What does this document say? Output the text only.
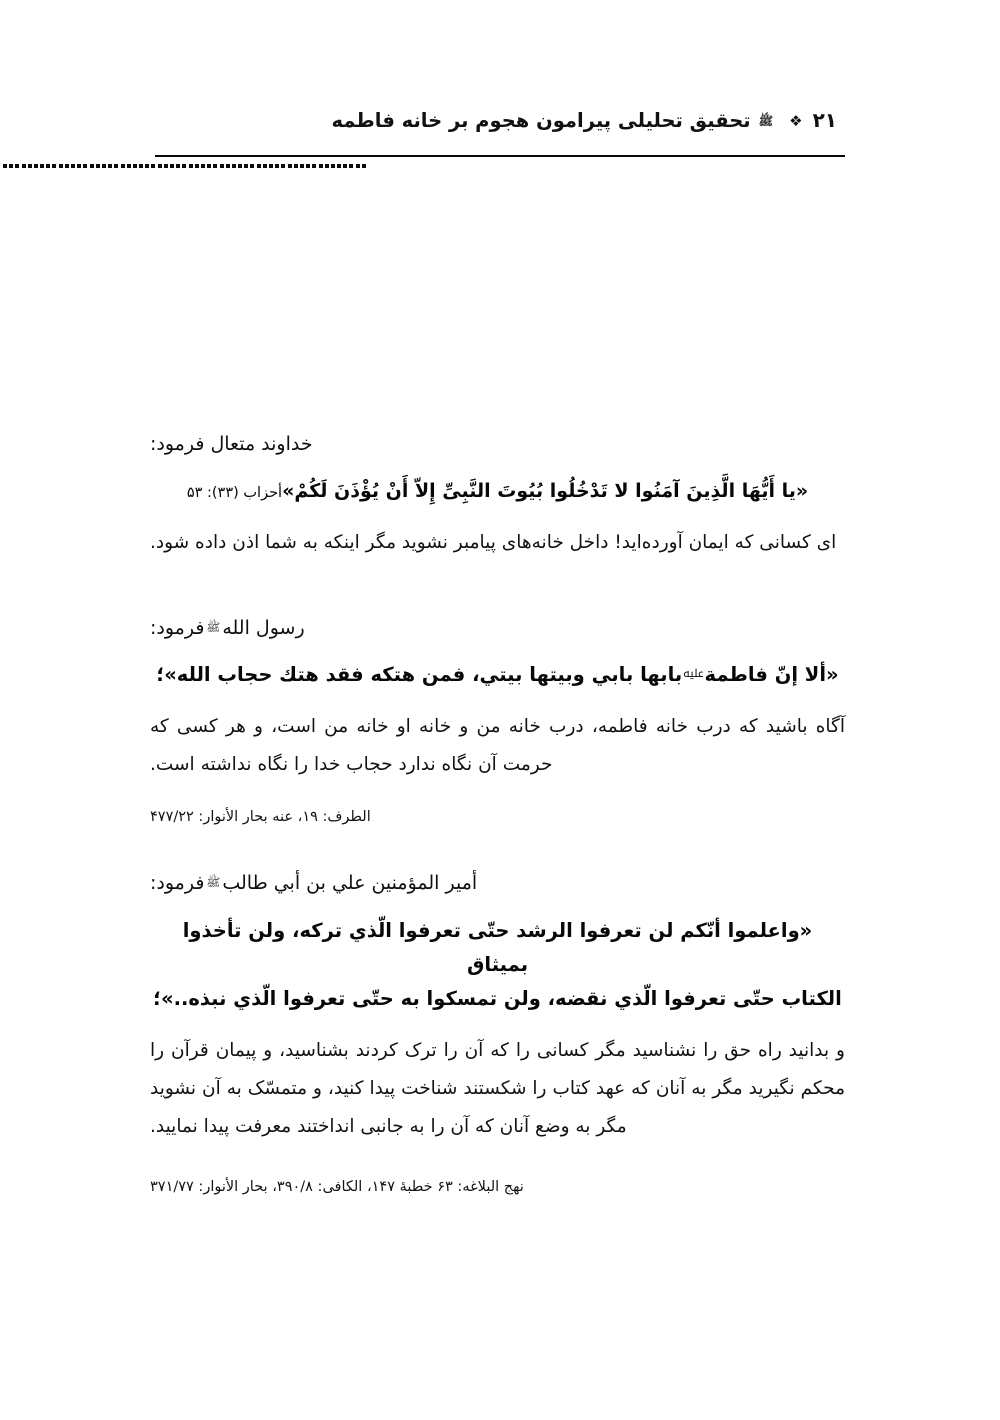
۲۱
❖
ﷺ
تحقیق تحلیلی پیرامون هجوم بر خانه فاطمه
خداوند متعال فرمود:
«یا أَیُّهَا الَّذِینَ آمَنُوا لا تَدْخُلُوا بُیُوتَ النَّبِیِّ إِلاّ أَنْ یُؤْذَنَ لَكُمْ»أحزاب (۳۳): ۵۳
ای کسانی که ایمان آورده‌اید! داخل خانه‌های پیامبر نشوید مگر اینکه به شما اذن داده شود.
رسول اللهﷺفرمود:
«ألا إنّ فاطمة$^ﷷ$بابها بابي وبیتها بیتي، فمن هتكه فقد هتك حجاب الله»؛
آگاه باشید که درب خانه فاطمه، درب خانه من و خانه او خانه من است، و هر کسی که حرمت آن نگاه ندارد حجاب خدا را نگاه نداشته است.
الطرف: ۱۹، عنه بحار الأنوار: ۴۷۷/۲۲
أمیر المؤمنین علي بن أبي طالبﷺفرمود:
«واعلموا أنّكم لن تعرفوا الرشد حتّى تعرفوا الّذي تركه، ولن تأخذوا بمیثاق
الكتاب حتّى تعرفوا الّذي نقضه، ولن تمسكوا به حتّى تعرفوا الّذي نبذه..»؛
و بدانید راه حق را نشناسید مگر کسانی را که آن را ترک کردند بشناسید، و پیمان قرآن را محکم نگیرید مگر به آنان که عهد کتاب را شکستند شناخت پیدا کنید، و متمسّک به آن نشوید مگر به وضع آنان که آن را به جانبی انداختند معرفت پیدا نمایید.
نهج البلاغه: ۶۳ خطبهٔ ۱۴۷، الكافی: ۳۹۰/۸، بحار الأنوار: ۳۷۱/۷۷
